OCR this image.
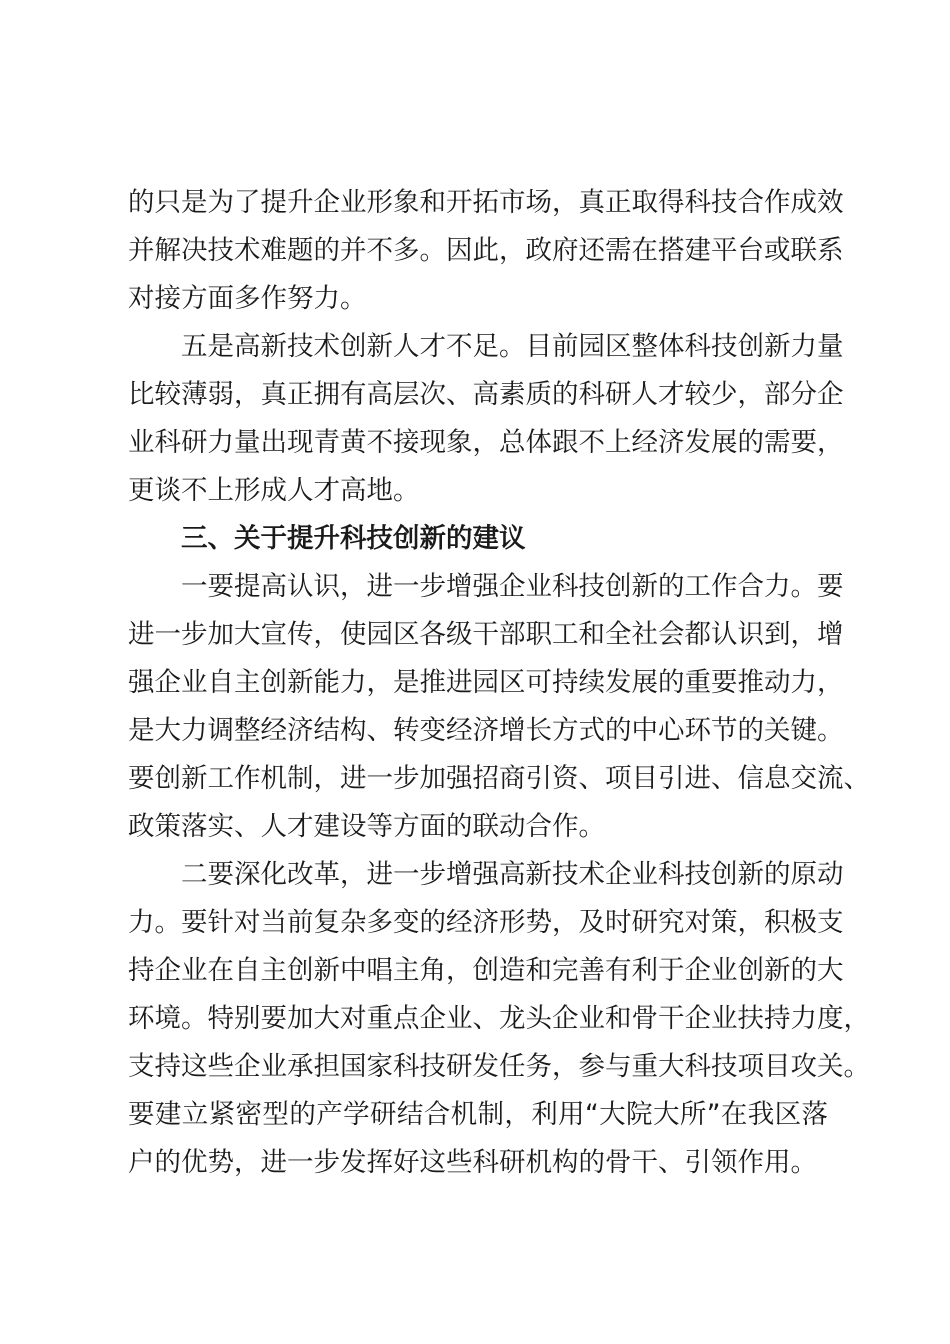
的只是为了提升企业形象和开拓市场，真正取得科技合作成效
并解决技术难题的并不多。因此，政府还需在搭建平台或联系
对接方面多作努力。
五是高新技术创新人才不足。目前园区整体科技创新力量
比较薄弱，真正拥有高层次、高素质的科研人才较少，部分企
业科研力量出现青黄不接现象，总体跟不上经济发展的需要，
更谈不上形成人才高地。
三、关于提升科技创新的建议
一要提高认识，进一步增强企业科技创新的工作合力。要
进一步加大宣传，使园区各级干部职工和全社会都认识到，增
强企业自主创新能力，是推进园区可持续发展的重要推动力，
是大力调整经济结构、转变经济增长方式的中心环节的关键。
要创新工作机制，进一步加强招商引资、项目引进、信息交流、
政策落实、人才建设等方面的联动合作。
二要深化改革，进一步增强高新技术企业科技创新的原动
力。要针对当前复杂多变的经济形势，及时研究对策，积极支
持企业在自主创新中唱主角，创造和完善有利于企业创新的大
环境。特别要加大对重点企业、龙头企业和骨干企业扶持力度，
支持这些企业承担国家科技研发任务，参与重大科技项目攻关。
要建立紧密型的产学研结合机制，利用“大院大所”在我区落
户的优势，进一步发挥好这些科研机构的骨干、引领作用。
